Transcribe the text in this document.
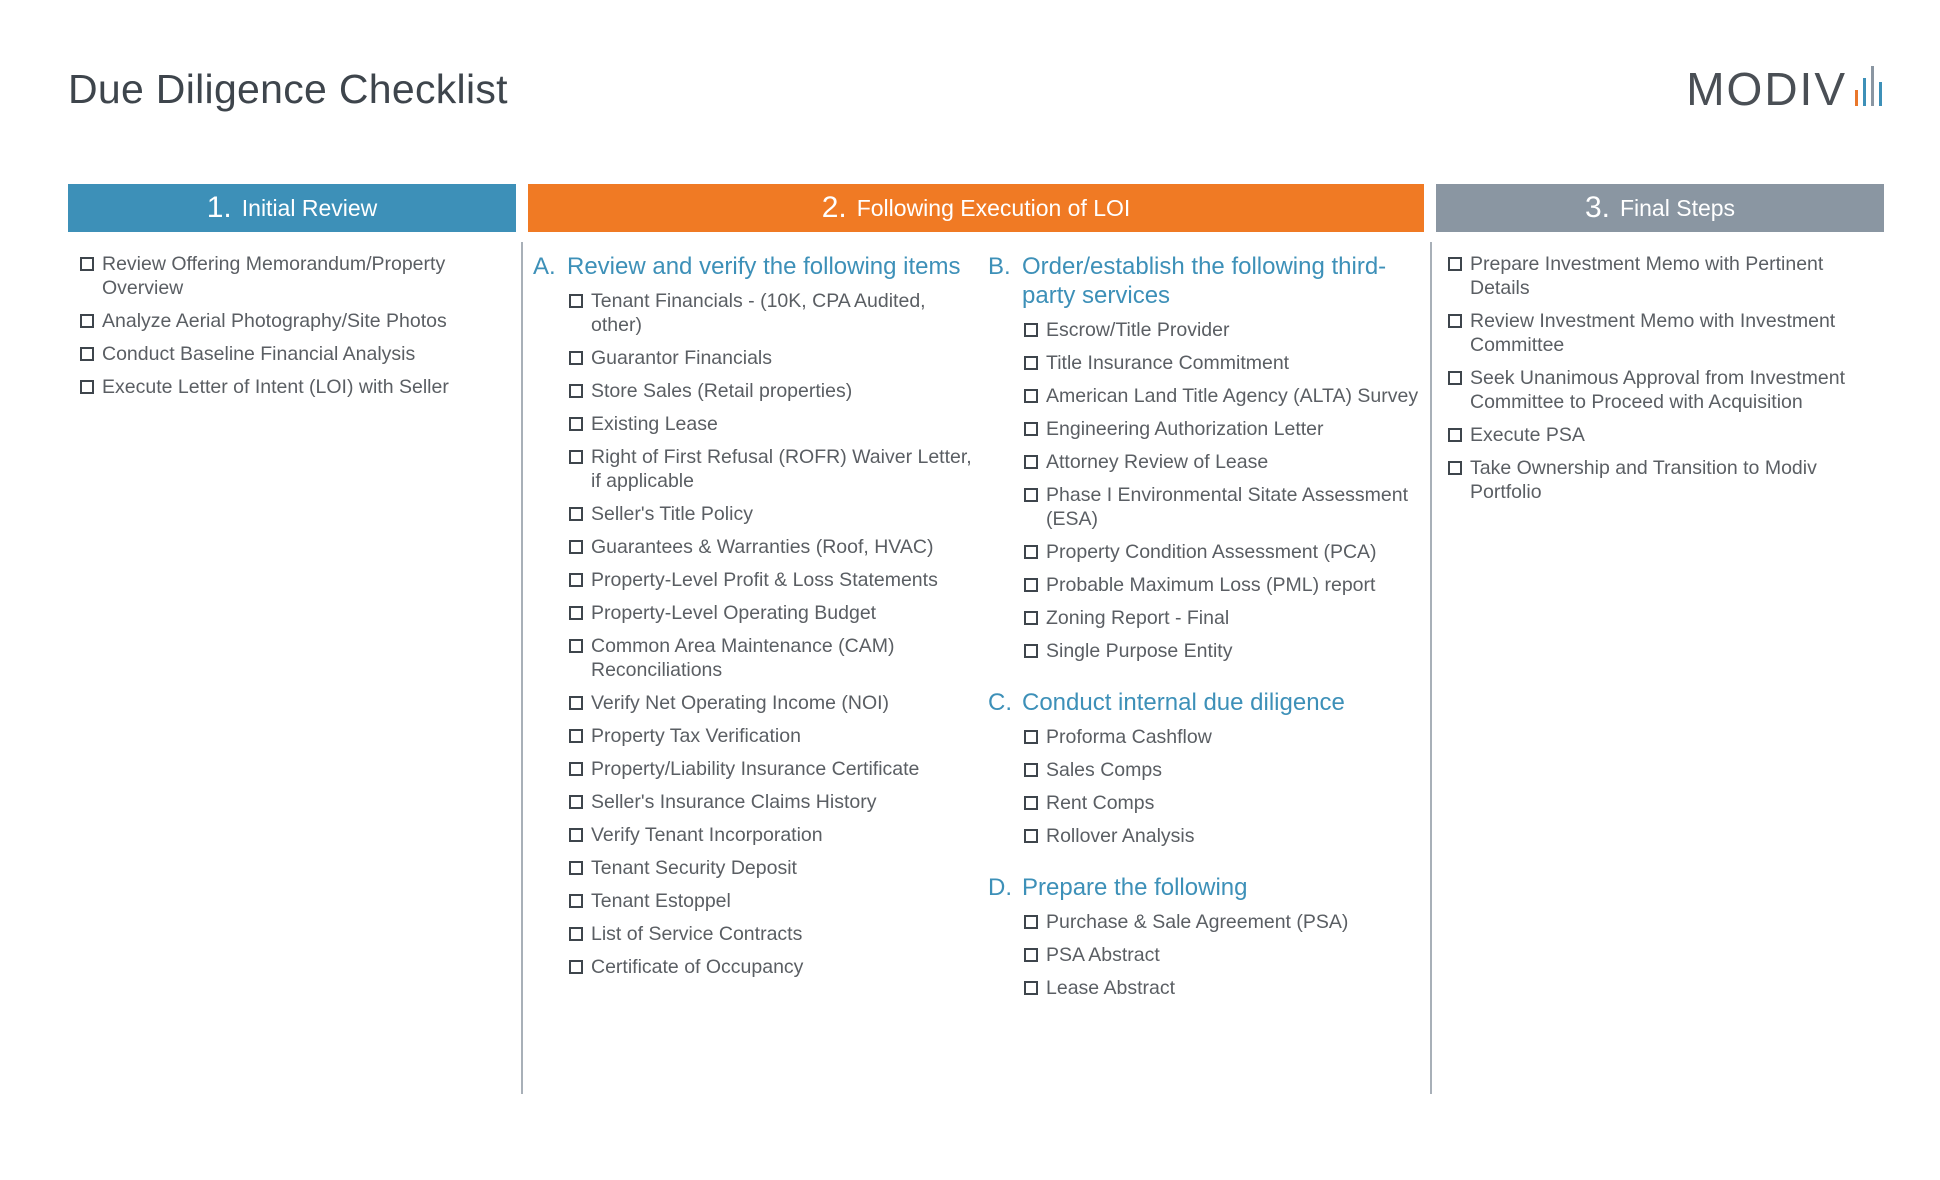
Due Diligence Checklist	MODIV
1. Initial Review	2. Following Execution of LOI	3. Final Steps
Review Offering Memorandum/Property Overview
Analyze Aerial Photography/Site Photos
Conduct Baseline Financial Analysis
Execute Letter of Intent (LOI) with Seller
A. Review and verify the following items
Tenant Financials - (10K, CPA Audited, other)
Guarantor Financials
Store Sales (Retail properties)
Existing Lease
Right of First Refusal (ROFR) Waiver Letter, if applicable
Seller's Title Policy
Guarantees & Warranties (Roof, HVAC)
Property-Level Profit & Loss Statements
Property-Level Operating Budget
Common Area Maintenance (CAM) Reconciliations
Verify Net Operating Income (NOI)
Property Tax Verification
Property/Liability Insurance Certificate
Seller's Insurance Claims History
Verify Tenant Incorporation
Tenant Security Deposit
Tenant Estoppel
List of Service Contracts
Certificate of Occupancy
B. Order/establish the following third-party services
Escrow/Title Provider
Title Insurance Commitment
American Land Title Agency (ALTA) Survey
Engineering Authorization Letter
Attorney Review of Lease
Phase I Environmental Sitate Assessment (ESA)
Property Condition Assessment (PCA)
Probable Maximum Loss (PML) report
Zoning Report - Final
Single Purpose Entity
C. Conduct internal due diligence
Proforma Cashflow
Sales Comps
Rent Comps
Rollover Analysis
D. Prepare the following
Purchase & Sale Agreement (PSA)
PSA Abstract
Lease Abstract
Prepare Investment Memo with Pertinent Details
Review Investment Memo with Investment Committee
Seek Unanimous Approval from Investment Committee to Proceed with Acquisition
Execute PSA
Take Ownership and Transition to Modiv Portfolio
